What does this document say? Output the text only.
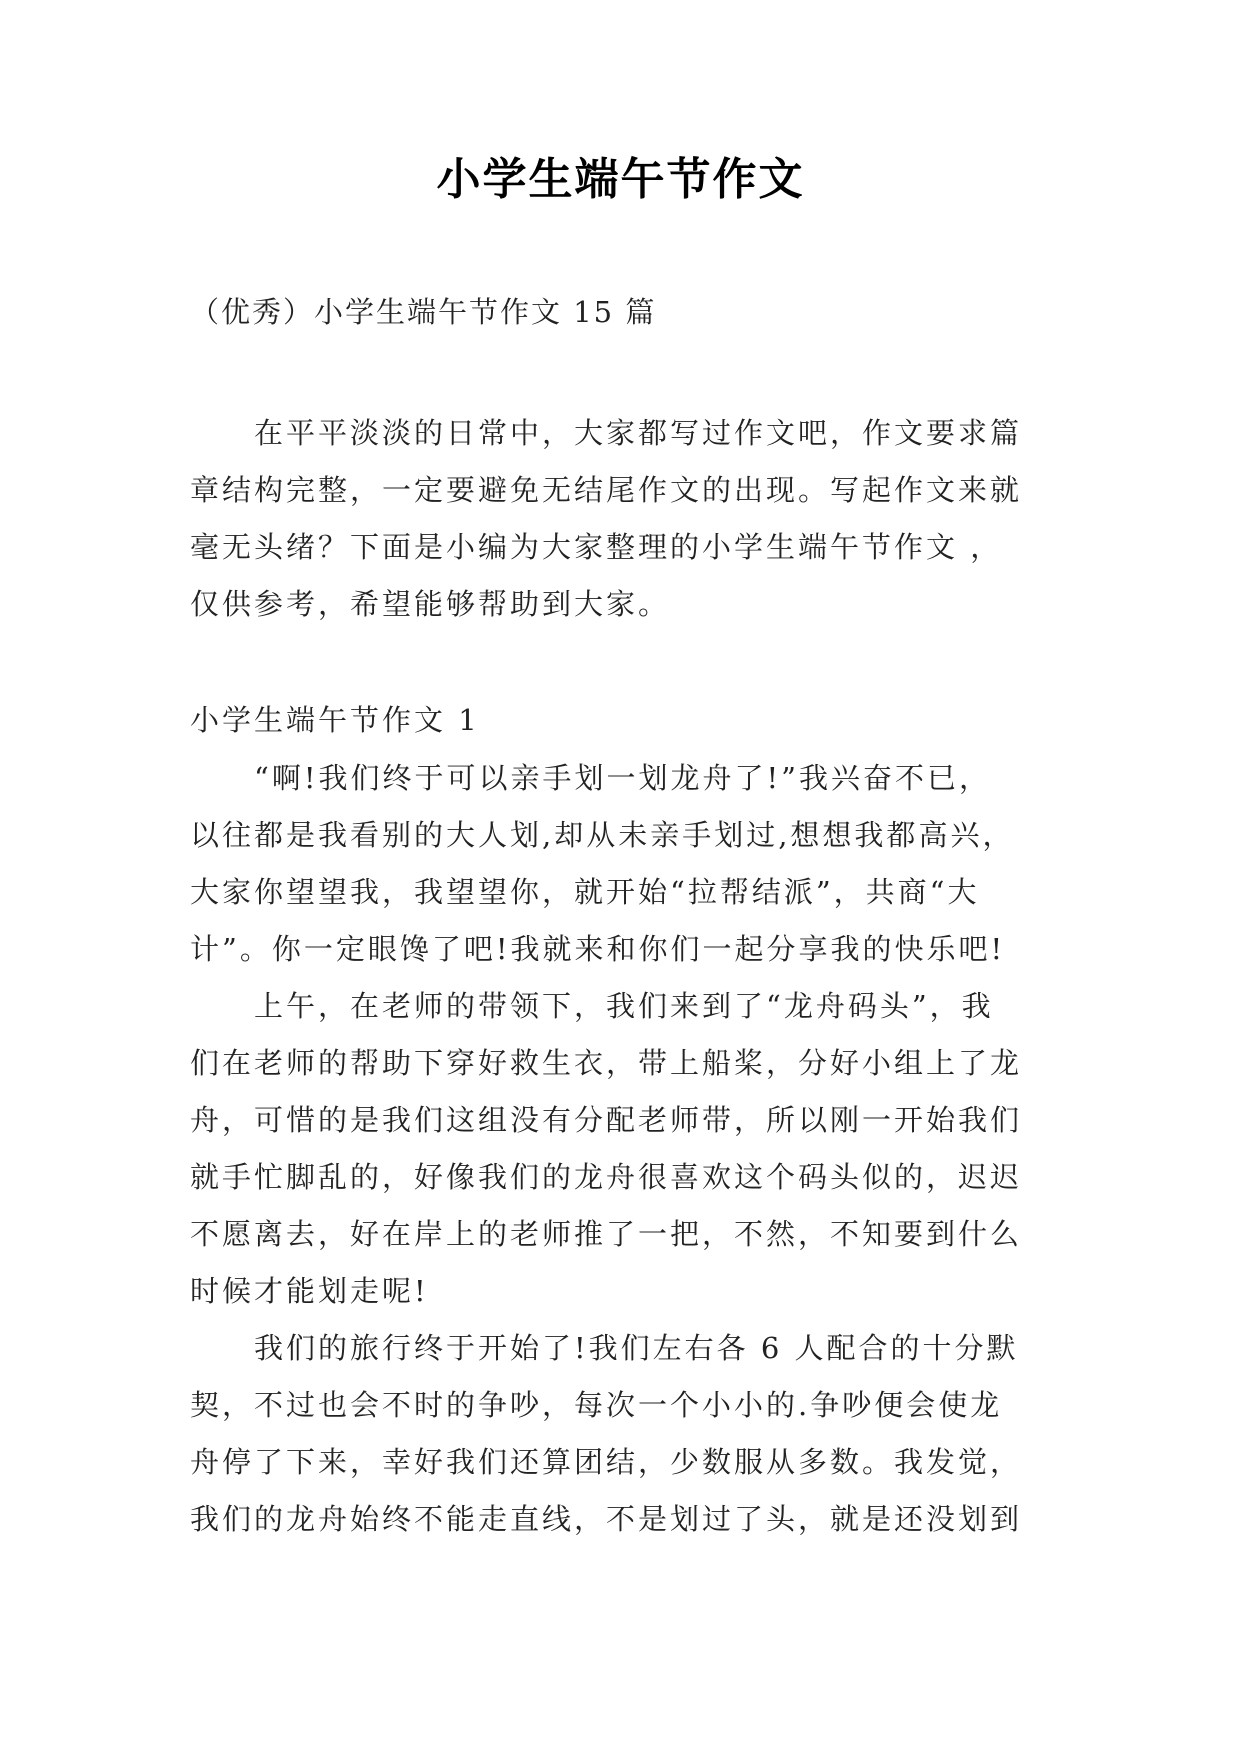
小学生端午节作文
（优秀）小学生端午节作文 15 篇
　　在平平淡淡的日常中，大家都写过作文吧，作文要求篇
章结构完整，一定要避免无结尾作文的出现。写起作文来就
毫无头绪？下面是小编为大家整理的小学生端午节作文 ，
仅供参考，希望能够帮助到大家。
小学生端午节作文 1
　　“啊!我们终于可以亲手划一划龙舟了!”我兴奋不已，
以往都是我看别的大人划,却从未亲手划过,想想我都高兴，
大家你望望我，我望望你，就开始“拉帮结派”，共商“大
计”。你一定眼馋了吧!我就来和你们一起分享我的快乐吧!
　　上午，在老师的带领下，我们来到了“龙舟码头”，我
们在老师的帮助下穿好救生衣，带上船桨，分好小组上了龙
舟，可惜的是我们这组没有分配老师带，所以刚一开始我们
就手忙脚乱的，好像我们的龙舟很喜欢这个码头似的，迟迟
不愿离去，好在岸上的老师推了一把，不然，不知要到什么
时候才能划走呢!
　　我们的旅行终于开始了!我们左右各 6 人配合的十分默
契，不过也会不时的争吵，每次一个小小的.争吵便会使龙
舟停了下来，幸好我们还算团结，少数服从多数。我发觉，
我们的龙舟始终不能走直线，不是划过了头，就是还没划到
